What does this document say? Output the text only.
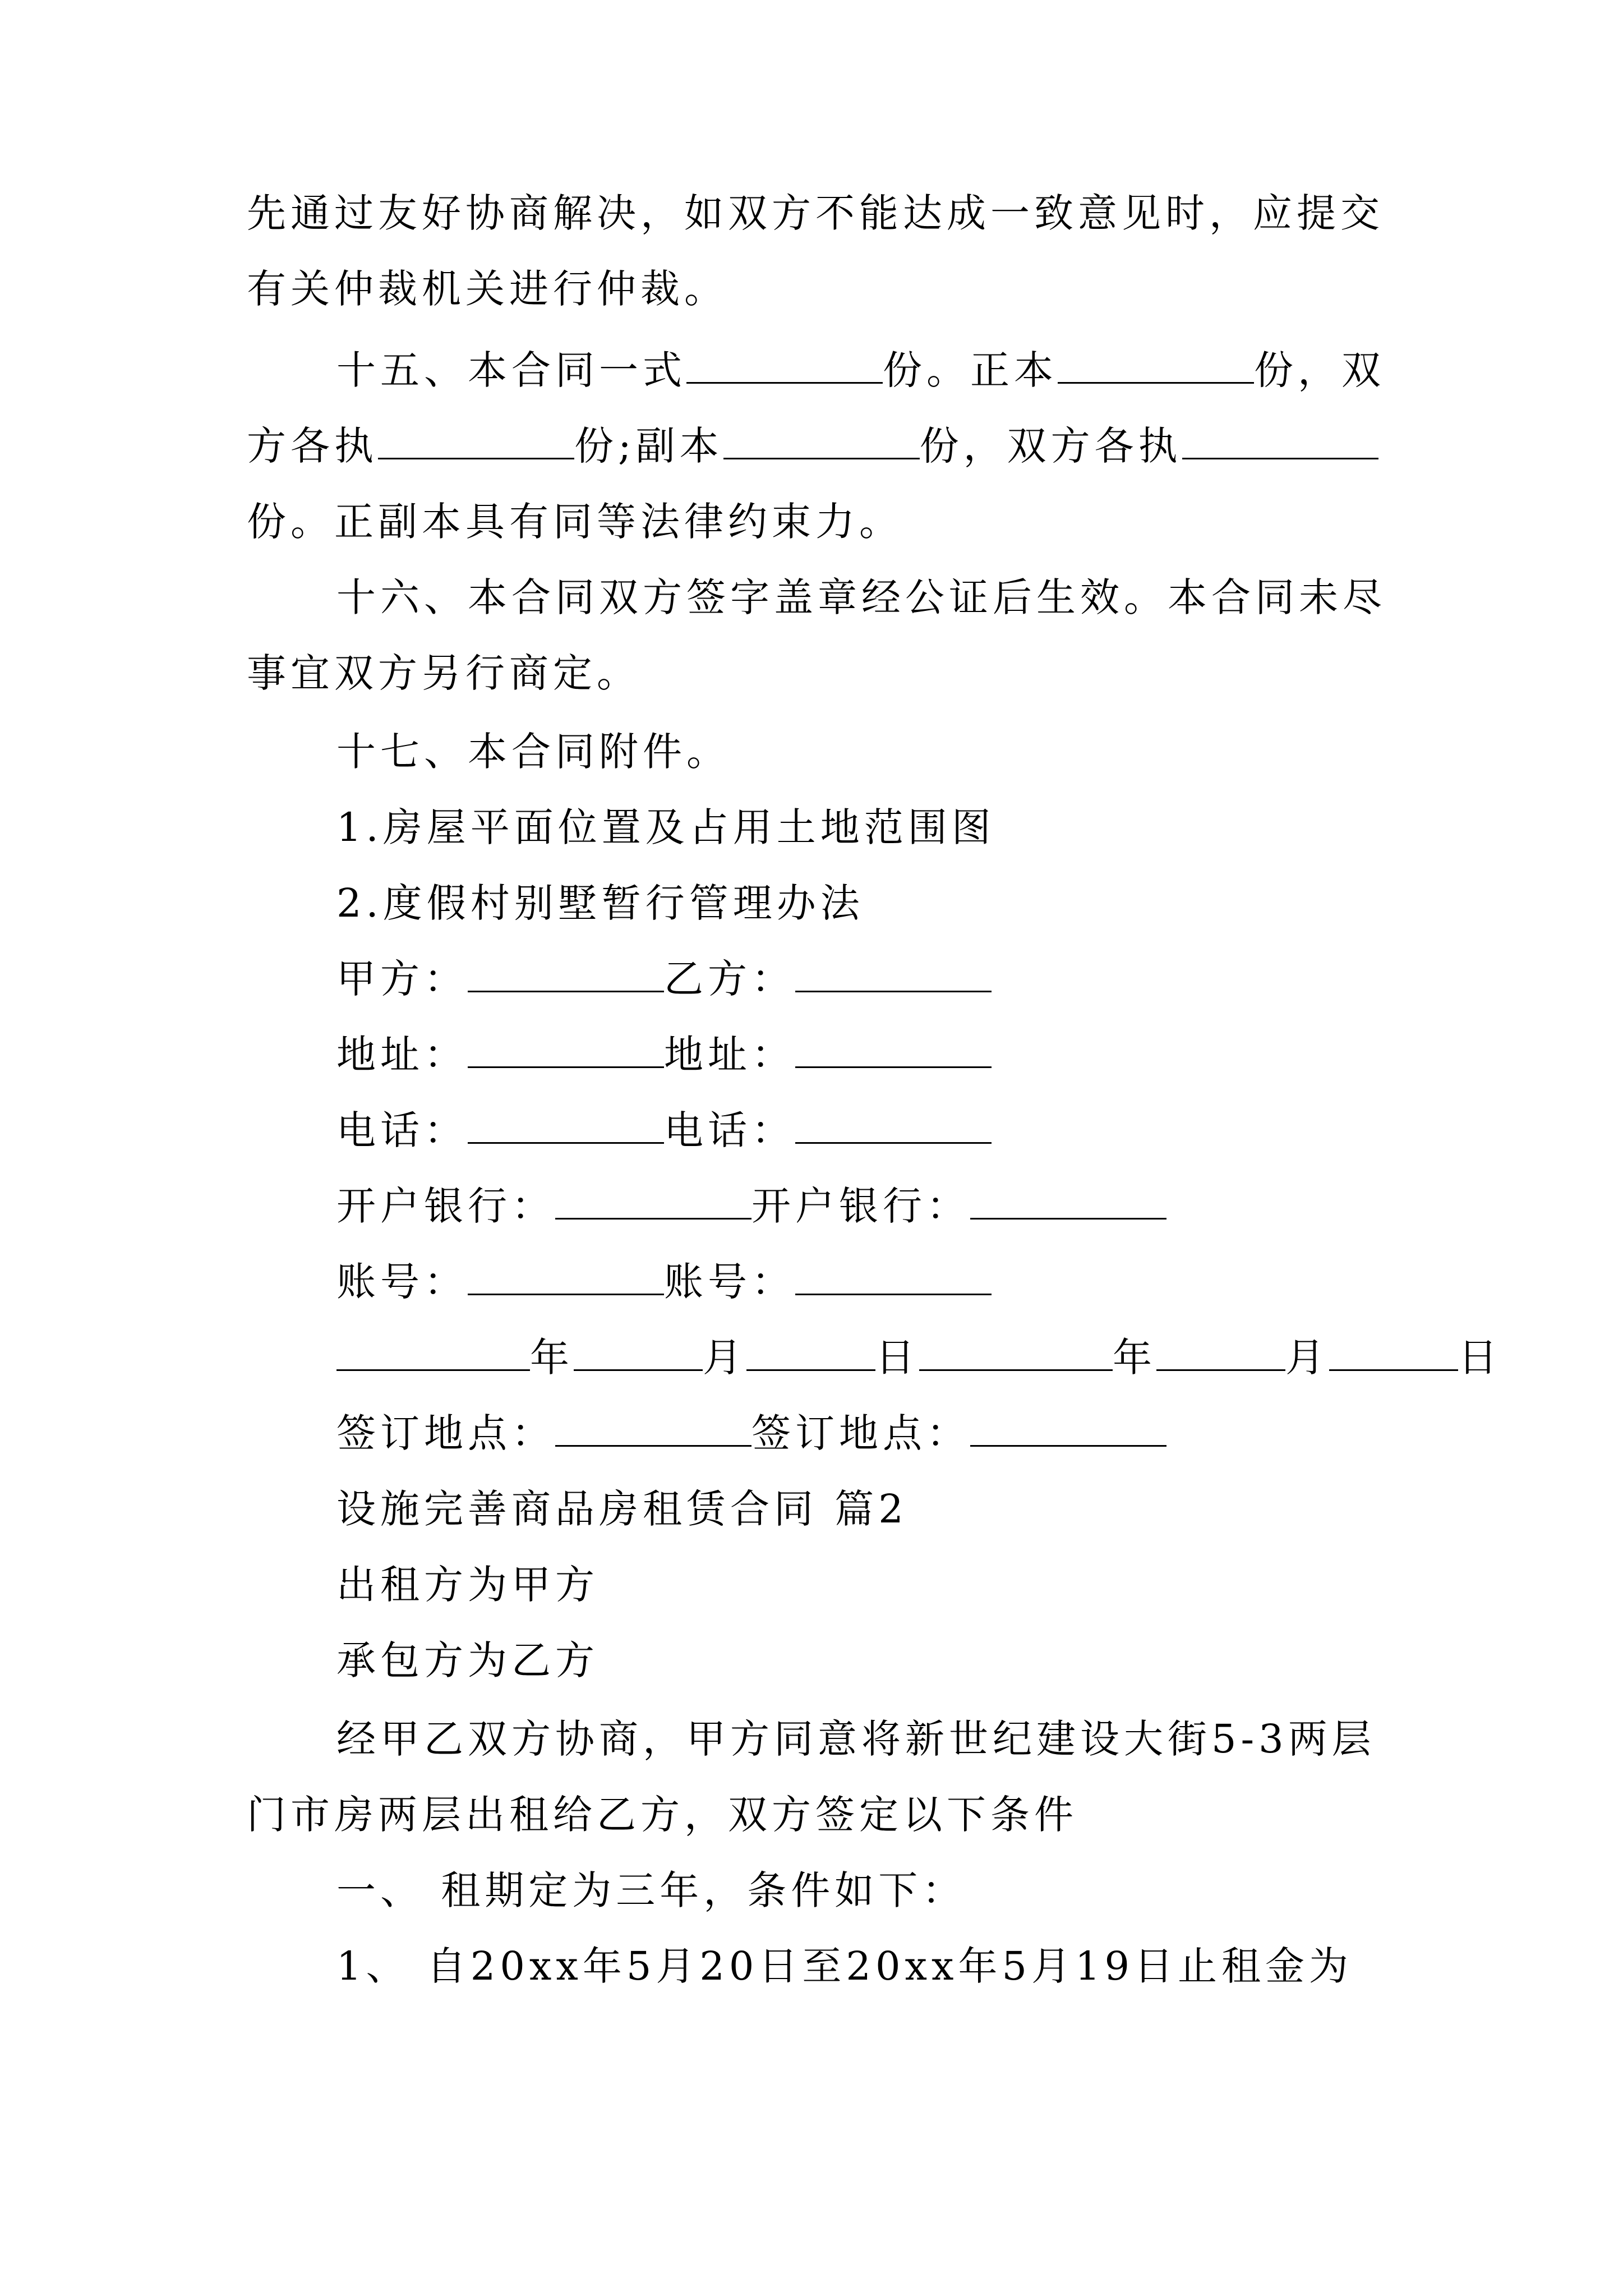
先通过友好协商解决，如双方不能达成一致意见时，应提交
有关仲裁机关进行仲裁。
十五、本合同一式	份。正本	份，双
方各执	份;副本	份，双方各执
份。正副本具有同等法律约束力。
十六、本合同双方签字盖章经公证后生效。本合同未尽
事宜双方另行商定。
十七、本合同附件。
1.房屋平面位置及占用土地范围图
2.度假村别墅暂行管理办法
甲方：	乙方：
地址：	地址：
电话：	电话：
开户银行：	开户银行：
账号：	账号：
年	月	日	年	月	日
签订地点：	签订地点：
设施完善商品房租赁合同 篇2
出租方为甲方
承包方为乙方
经甲乙双方协商，甲方同意将新世纪建设大街5-3两层
门市房两层出租给乙方，双方签定以下条件
一、 租期定为三年，条件如下：
1、 自20xx年5月20日至20xx年5月19日止租金为
